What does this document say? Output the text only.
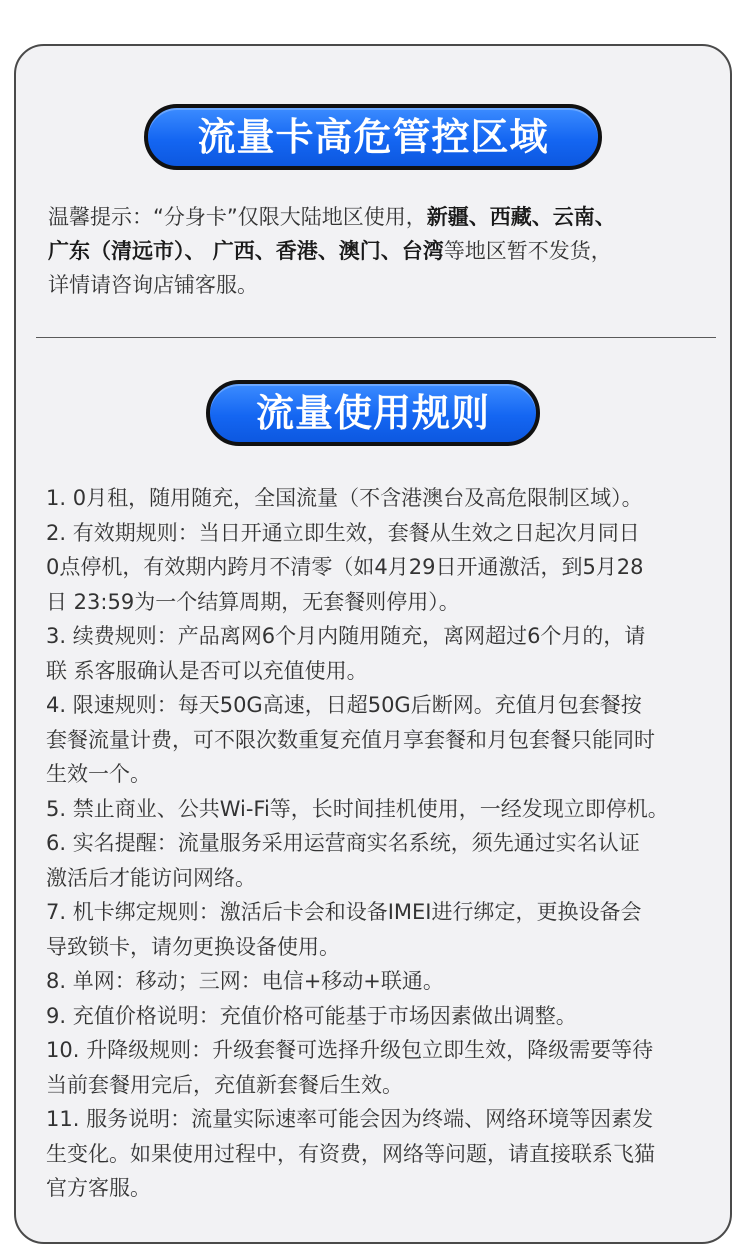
流量卡高危管控区域
温馨提示：“分身卡”仅限大陆地区使用，新疆、西藏、云南、
广东（清远市）、 广西、香港、澳门、台湾等地区暂不发货，
详情请咨询店铺客服。
流量使用规则
1. 0月租，随用随充，全国流量（不含港澳台及高危限制区域）。
2. 有效期规则：当日开通立即生效，套餐从生效之日起次月同日
0点停机，有效期内跨月不清零（如4月29日开通激活，到5月28
日 23:59为一个结算周期，无套餐则停用）。
3. 续费规则：产品离网6个月内随用随充，离网超过6个月的，请
联 系客服确认是否可以充值使用。
4. 限速规则：每天50G高速，日超50G后断网。充值月包套餐按
套餐流量计费，可不限次数重复充值月享套餐和月包套餐只能同时
生效一个。
5. 禁止商业、公共Wi-Fi等，长时间挂机使用，一经发现立即停机。
6. 实名提醒：流量服务采用运营商实名系统，须先通过实名认证
激活后才能访问网络。
7. 机卡绑定规则：激活后卡会和设备IMEI进行绑定，更换设备会
导致锁卡，请勿更换设备使用。
8. 单网：移动；三网：电信+移动+联通。
9. 充值价格说明：充值价格可能基于市场因素做出调整。
10. 升降级规则：升级套餐可选择升级包立即生效，降级需要等待
当前套餐用完后，充值新套餐后生效。
11. 服务说明：流量实际速率可能会因为终端、网络环境等因素发
生变化。如果使用过程中，有资费，网络等问题，请直接联系飞猫
官方客服。
